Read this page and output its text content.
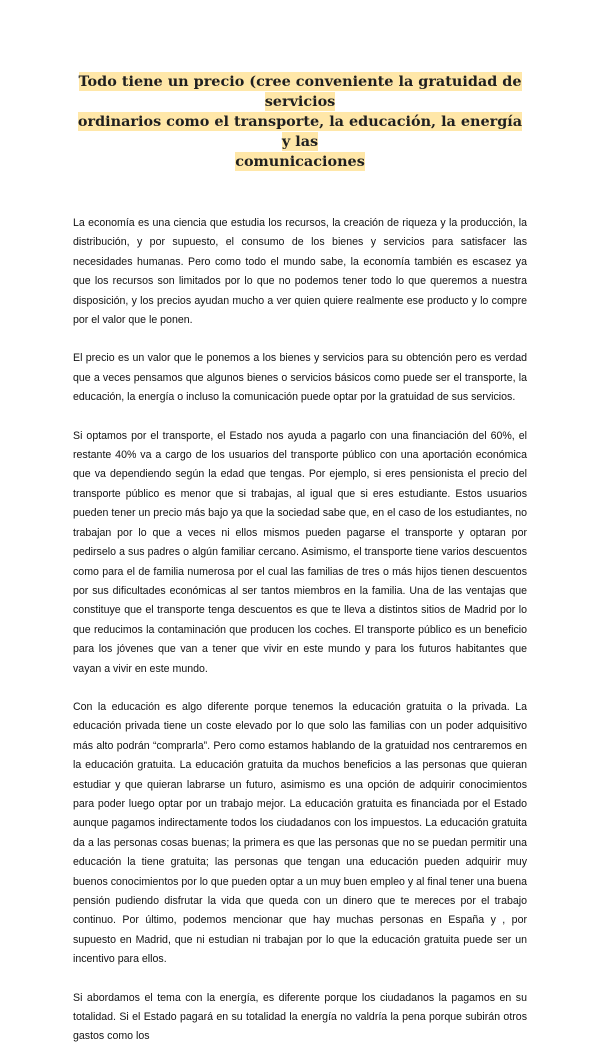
Todo tiene un precio (cree conveniente la gratuidad de servicios
ordinarios como el transporte, la educación, la energía y las
comunicaciones

La economía es una ciencia que estudia los recursos, la creación de riqueza y la producción, la distribución, y por supuesto, el consumo de los bienes y servicios para satisfacer las necesidades humanas. Pero como todo el mundo sabe, la economía también es escasez ya que los recursos son limitados por lo que no podemos tener todo lo que queremos a nuestra disposición, y los precios ayudan mucho a ver quien quiere realmente ese producto y lo compre por el valor que le ponen.

El precio es un valor que le ponemos a los bienes y servicios para su obtención pero es verdad que a veces pensamos que algunos bienes o servicios básicos como puede ser el transporte, la educación, la energía o incluso la comunicación puede optar por la gratuidad de sus servicios.

Si optamos por el transporte, el Estado nos ayuda a pagarlo con una financiación del 60%, el restante 40% va a cargo de los usuarios del transporte público con una aportación económica que va dependiendo según la edad que tengas. Por ejemplo, si eres pensionista el precio del transporte público es menor que si trabajas, al igual que si eres estudiante. Estos usuarios pueden tener un precio más bajo ya que la sociedad sabe que, en el caso de los estudiantes, no trabajan por lo que a veces ni ellos mismos pueden pagarse el transporte y optaran por pedirselo a sus padres o algún familiar cercano. Asimismo, el transporte tiene varios descuentos como para el de familia numerosa por el cual las familias de tres o más hijos tienen descuentos por sus dificultades económicas al ser tantos miembros en la familia. Una de las ventajas que constituye que el transporte tenga descuentos es que te lleva a distintos sitios de Madrid por lo que reducimos la contaminación que producen los coches. El transporte público es un beneficio para los jóvenes que van a tener que vivir en este mundo y para los futuros habitantes que vayan a vivir en este mundo.

Con la educación es algo diferente porque tenemos la educación gratuita o la privada. La educación privada tiene un coste elevado por lo que solo las familias con un poder adquisitivo más alto podrán “comprarla”. Pero como estamos hablando de la gratuidad nos centraremos en la educación gratuita. La educación gratuita da muchos beneficios a las personas que quieran estudiar y que quieran labrarse un futuro, asimismo es una opción de adquirir conocimientos para poder luego optar por un trabajo mejor. La educación gratuita es financiada por el Estado aunque pagamos indirectamente todos los ciudadanos con los impuestos. La educación gratuita da a las personas cosas buenas; la primera es que las personas que no se puedan permitir una educación la tiene gratuita; las personas que tengan una educación pueden adquirir muy buenos conocimientos por lo que pueden optar a un muy buen empleo y al final tener una buena pensión pudiendo disfrutar la vida que queda con un dinero que te mereces por el trabajo continuo. Por último, podemos mencionar que hay muchas personas en España y , por supuesto en Madrid, que ni estudian ni trabajan por lo que la educación gratuita puede ser un incentivo para ellos.

Si abordamos el tema con la energía, es diferente porque los ciudadanos la pagamos en su totalidad. Si el Estado pagará en su totalidad la energía no valdría la pena porque subirán otros gastos como los
